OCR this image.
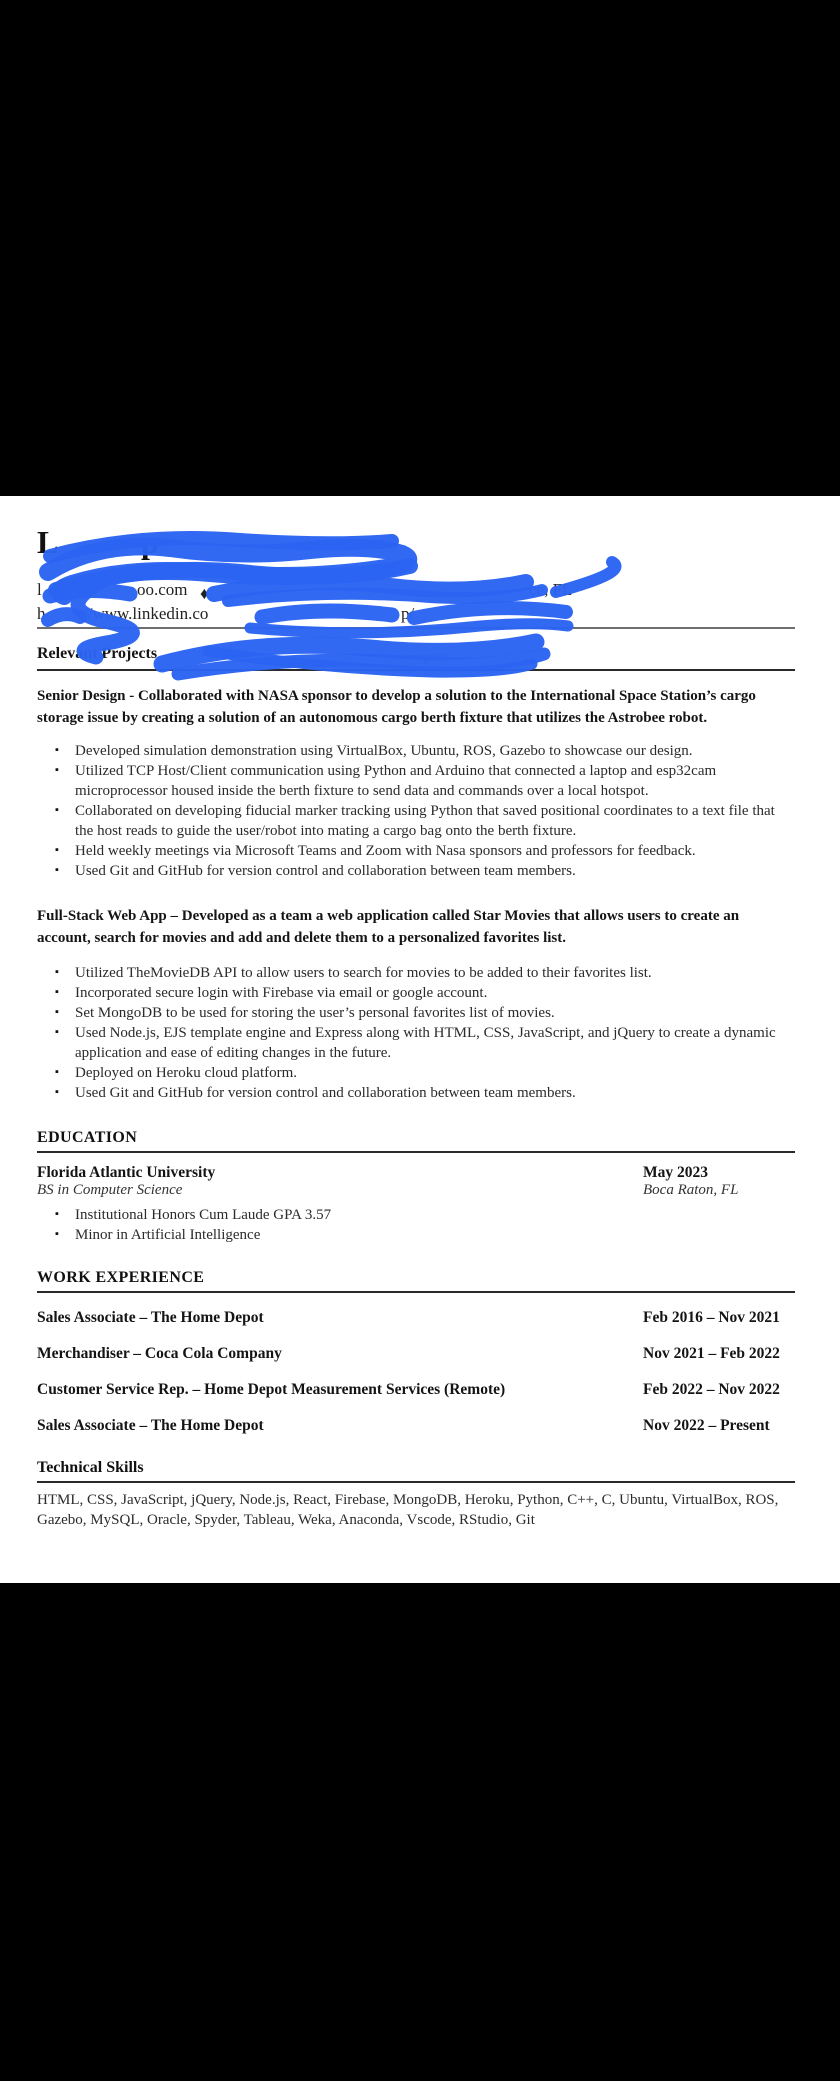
L	p
l	oo.com ♦	ce, FL
h //www.linkedin.co	p/
Relevant Projects	=reposit

Senior Design - Collaborated with NASA sponsor to develop a solution to the International Space Station’s cargo storage issue by creating a solution of an autonomous cargo berth fixture that utilizes the Astrobee robot.

▪ Developed simulation demonstration using VirtualBox, Ubuntu, ROS, Gazebo to showcase our design.
▪ Utilized TCP Host/Client communication using Python and Arduino that connected a laptop and esp32cam microprocessor housed inside the berth fixture to send data and commands over a local hotspot.
▪ Collaborated on developing fiducial marker tracking using Python that saved positional coordinates to a text file that the host reads to guide the user/robot into mating a cargo bag onto the berth fixture.
▪ Held weekly meetings via Microsoft Teams and Zoom with Nasa sponsors and professors for feedback.
▪ Used Git and GitHub for version control and collaboration between team members.

Full-Stack Web App – Developed as a team a web application called Star Movies that allows users to create an account, search for movies and add and delete them to a personalized favorites list.

▪ Utilized TheMovieDB API to allow users to search for movies to be added to their favorites list.
▪ Incorporated secure login with Firebase via email or google account.
▪ Set MongoDB to be used for storing the user’s personal favorites list of movies.
▪ Used Node.js, EJS template engine and Express along with HTML, CSS, JavaScript, and jQuery to create a dynamic application and ease of editing changes in the future.
▪ Deployed on Heroku cloud platform.
▪ Used Git and GitHub for version control and collaboration between team members.
EDUCATION
Florida Atlantic University	May 2023
BS in Computer Science	Boca Raton, FL
▪ Institutional Honors Cum Laude GPA 3.57
▪ Minor in Artificial Intelligence
WORK EXPERIENCE
Sales Associate – The Home Depot	Feb 2016 – Nov 2021
Merchandiser – Coca Cola Company	Nov 2021 – Feb 2022
Customer Service Rep. – Home Depot Measurement Services (Remote)	Feb 2022 – Nov 2022
Sales Associate – The Home Depot	Nov 2022 – Present
Technical Skills
HTML, CSS, JavaScript, jQuery, Node.js, React, Firebase, MongoDB, Heroku, Python, C++, C, Ubuntu, VirtualBox, ROS, Gazebo, MySQL, Oracle, Spyder, Tableau, Weka, Anaconda, Vscode, RStudio, Git
